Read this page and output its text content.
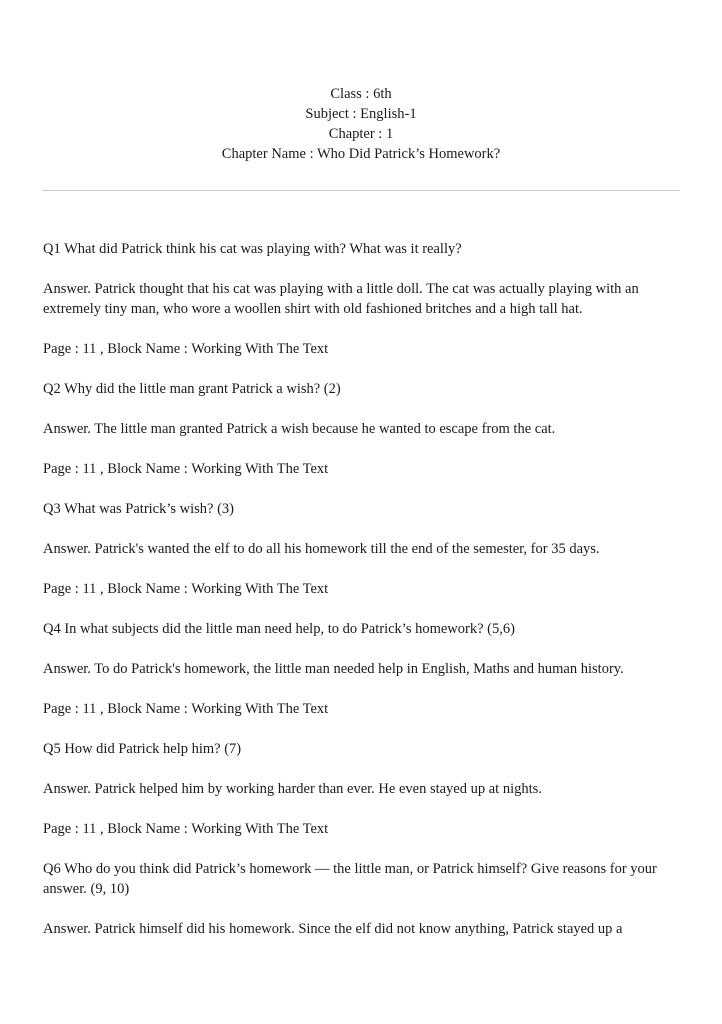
Class : 6th
Subject : English-1
Chapter : 1
Chapter Name : Who Did Patrick’s Homework?

Q1 What did Patrick think his cat was playing with? What was it really?

Answer. Patrick thought that his cat was playing with a little doll. The cat was actually playing with an extremely tiny man, who wore a woollen shirt with old fashioned britches and a high tall hat.

Page : 11 , Block Name : Working With The Text

Q2 Why did the little man grant Patrick a wish? (2)

Answer. The little man granted Patrick a wish because he wanted to escape from the cat.

Page : 11 , Block Name : Working With The Text

Q3 What was Patrick’s wish? (3)

Answer. Patrick's wanted the elf to do all his homework till the end of the semester, for 35 days.

Page : 11 , Block Name : Working With The Text

Q4 In what subjects did the little man need help, to do Patrick’s homework? (5,6)

Answer. To do Patrick's homework, the little man needed help in English, Maths and human history.

Page : 11 , Block Name : Working With The Text

Q5 How did Patrick help him? (7)

Answer. Patrick helped him by working harder than ever. He even stayed up at nights.

Page : 11 , Block Name : Working With The Text

Q6 Who do you think did Patrick’s homework — the little man, or Patrick himself? Give reasons for your answer. (9, 10)

Answer. Patrick himself did his homework. Since the elf did not know anything, Patrick stayed up a
